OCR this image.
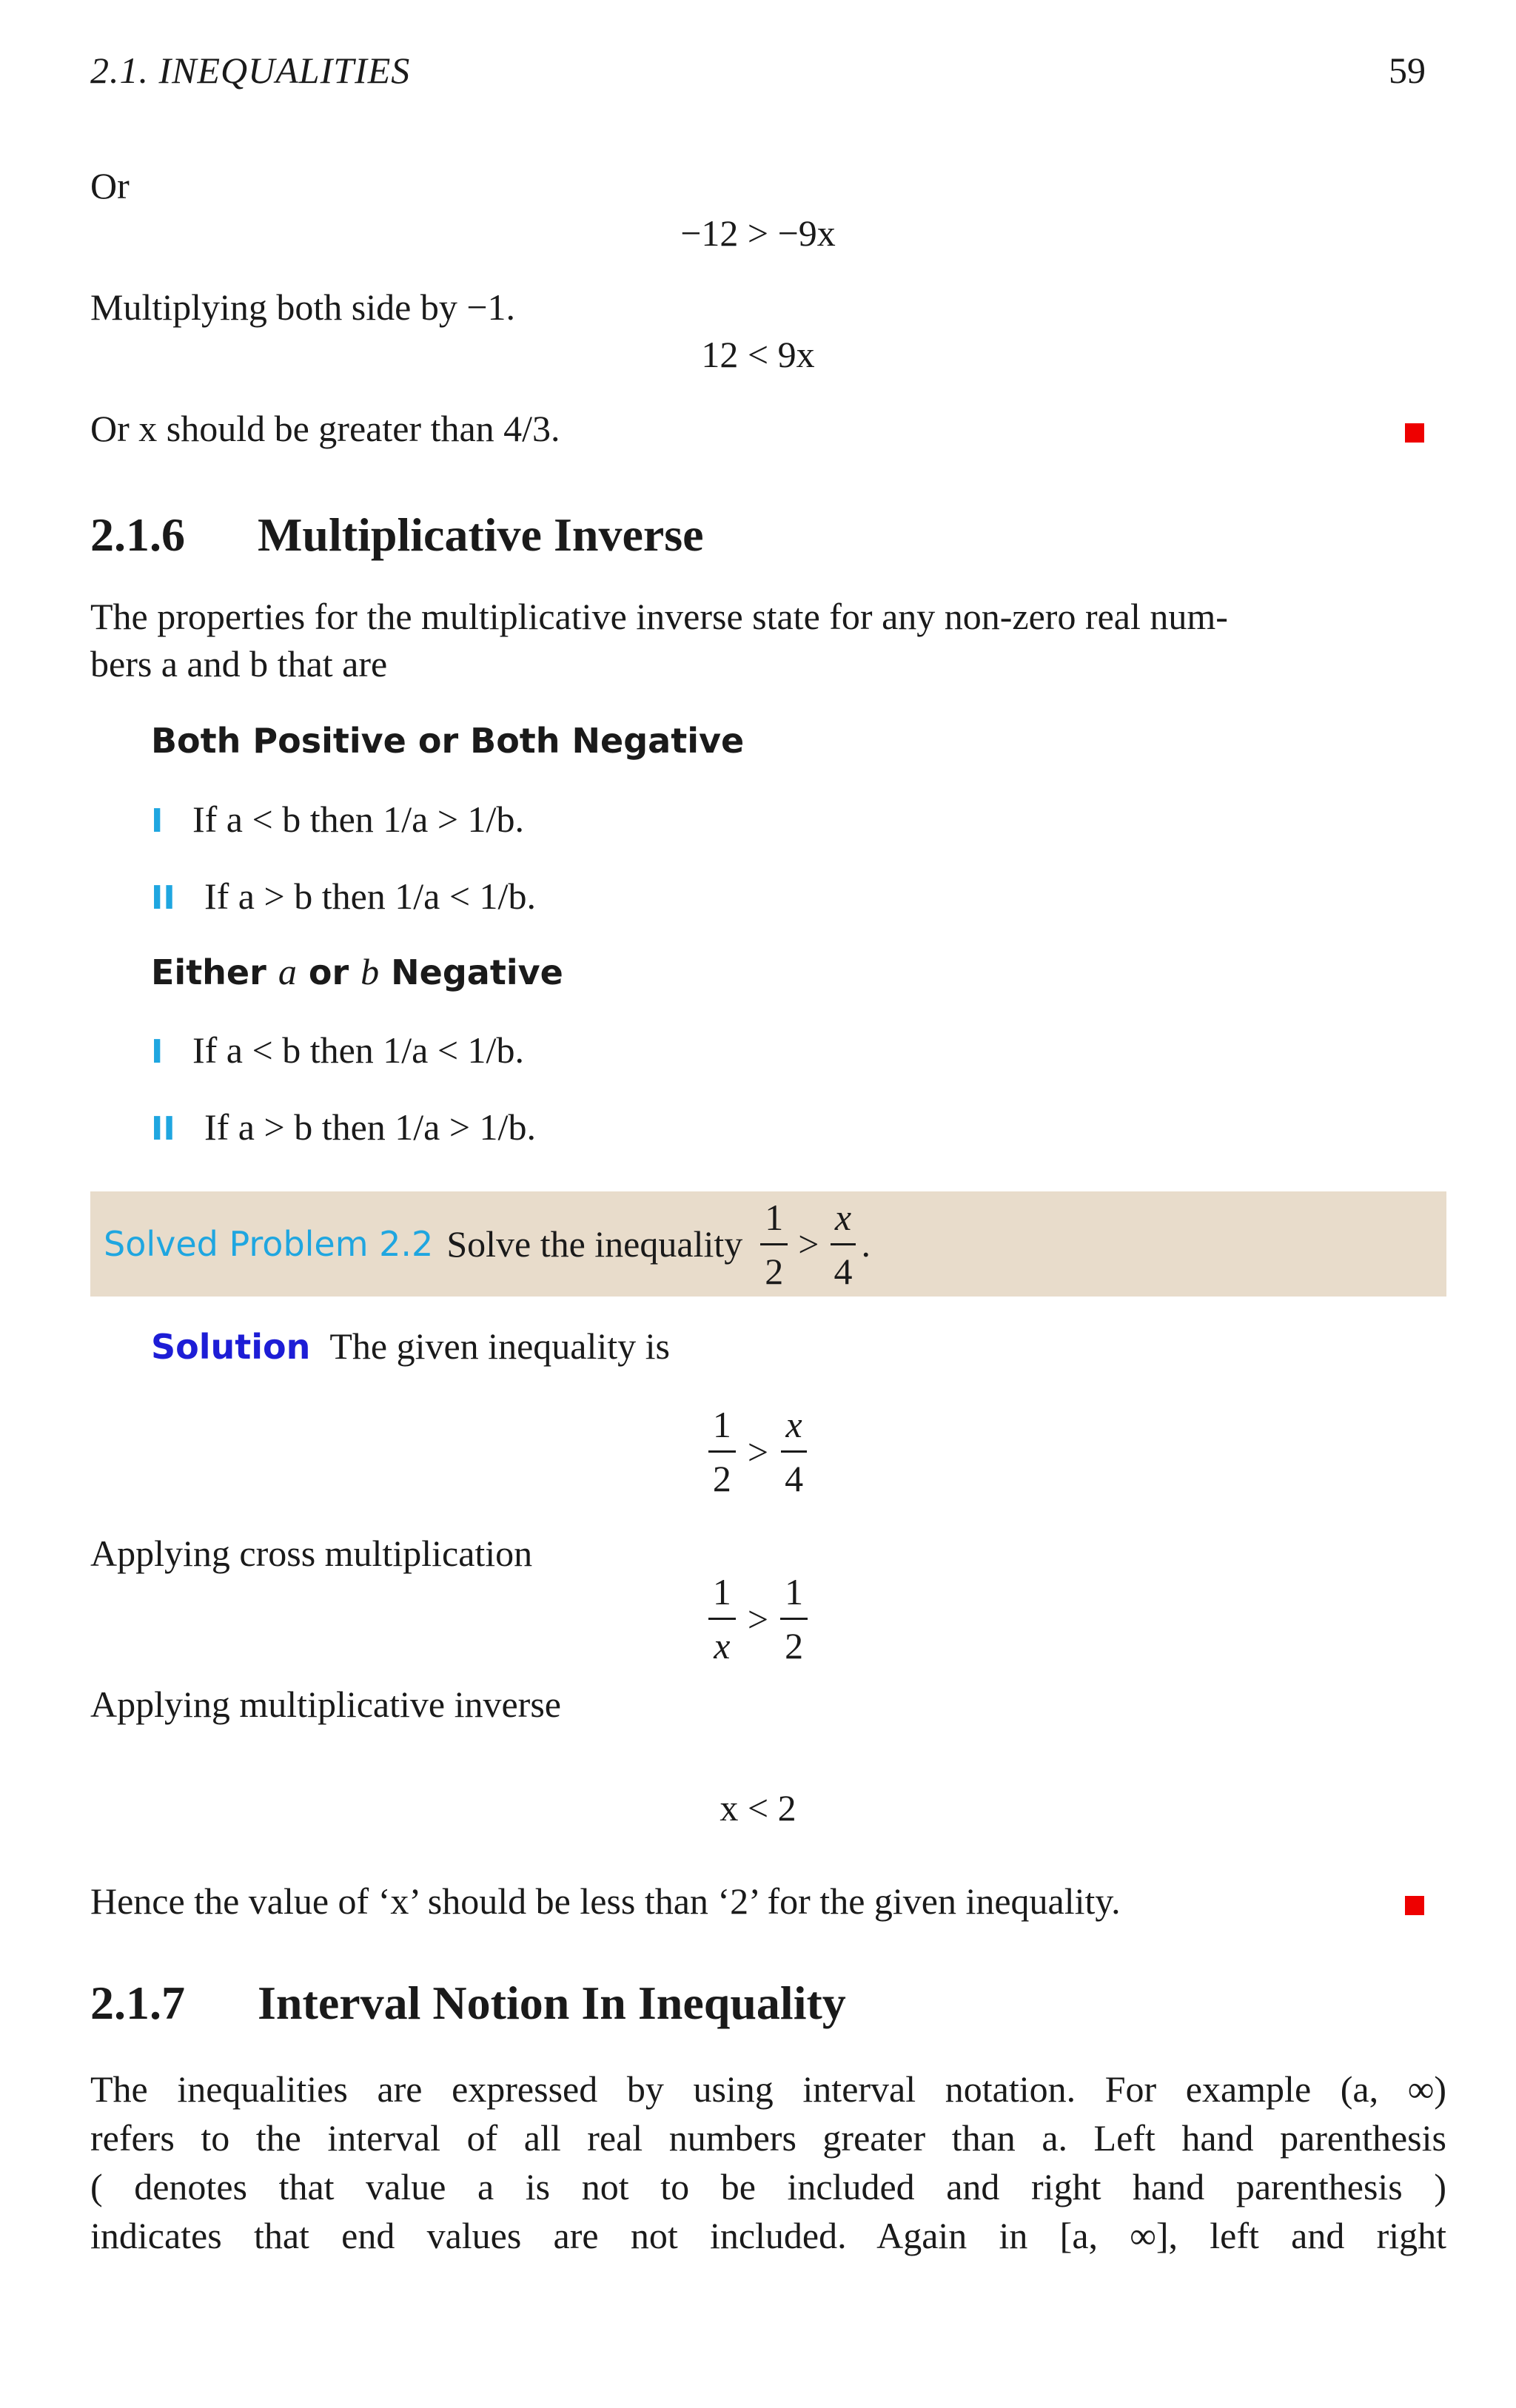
2.1. INEQUALITIES	59
Or
−12 > −9x
Multiplying both side by −1.
12 < 9x
Or x should be greater than 4/3.
2.1.6 Multiplicative Inverse
The properties for the multiplicative inverse state for any non-zero real num-
bers a and b that are
Both Positive or Both Negative
I If a < b then 1/a > 1/b.
II If a > b then 1/a < 1/b.
Either a or b Negative
I If a < b then 1/a < 1/b.
II If a > b then 1/a > 1/b.
Solved Problem 2.2 Solve the inequality $\frac{1}{2} > \frac{x}{4}$ .
Solution The given inequality is
$\frac{1}{2} > \frac{x}{4}$
Applying cross multiplication
$\frac{1}{x} > \frac{1}{2}$
Applying multiplicative inverse
x < 2
Hence the value of ‘x’ should be less than ‘2’ for the given inequality.
2.1.7 Interval Notion In Inequality
The inequalities are expressed by using interval notation. For example (a, ∞)
refers to the interval of all real numbers greater than a. Left hand parenthesis
( denotes that value a is not to be included and right hand parenthesis )
indicates that end values are not included. Again in [a, ∞], left and right
